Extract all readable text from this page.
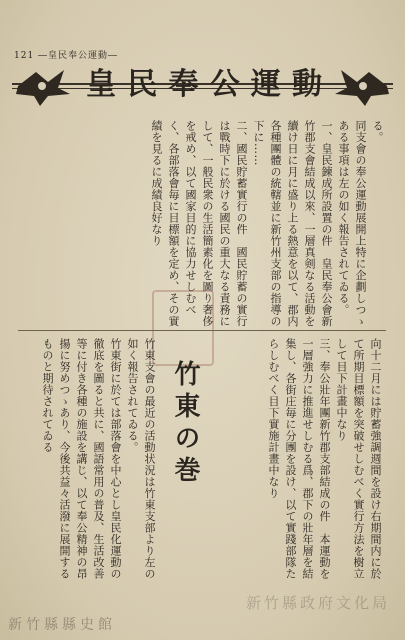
121 ―皇民奉公運動―
皇 民 奉 公 運 動
る。
同支會の奉公運動展開上特に企劃しつゝある事項は左の如く報告されてゐる。
一、皇民鍊成所設置の件　皇民奉公會新竹郡支會結成以來、一層真剣なる活動を續け日に月に盛り上る熱意を以て、郡内各種團體の統轄並に新竹州支部の指導の下に……
二、國民貯蓄實行の件　國民貯蓄の實行は戰時下に於ける國民の重大なる責務にして、一般民衆の生活簡素化を圖り奢侈を戒め、以て國家目的に協力せしむべく、各部落會毎に目標額を定め、その實績を見るに成績良好なり
向十二月には貯蓄強調週間を設け右期間内に於て所期目標額を突破せしむべく實行方法を樹立して目下計畫中なり
三、奉公壯年團新竹郡支部結成の件　本運動を一層強力に推進せしむる爲、郡下の壯年層を結集し、各街庄毎に分團を設け、以て實踐部隊たらしむべく目下實施計畫中なり
竹東の巻
竹東支會の最近の活動状況は竹東支部より左の如く報告されてゐる。
竹東街に於ては部落會を中心とし皇民化運動の徹底を圖ると共に、國語常用の普及、生活改善等に付き各種の施設を講じ、以て奉公精神の昂揚に努めつゝあり、今後共益々活潑に展開するものと期待されてゐる
新竹縣政府文化局
新竹縣縣史館
